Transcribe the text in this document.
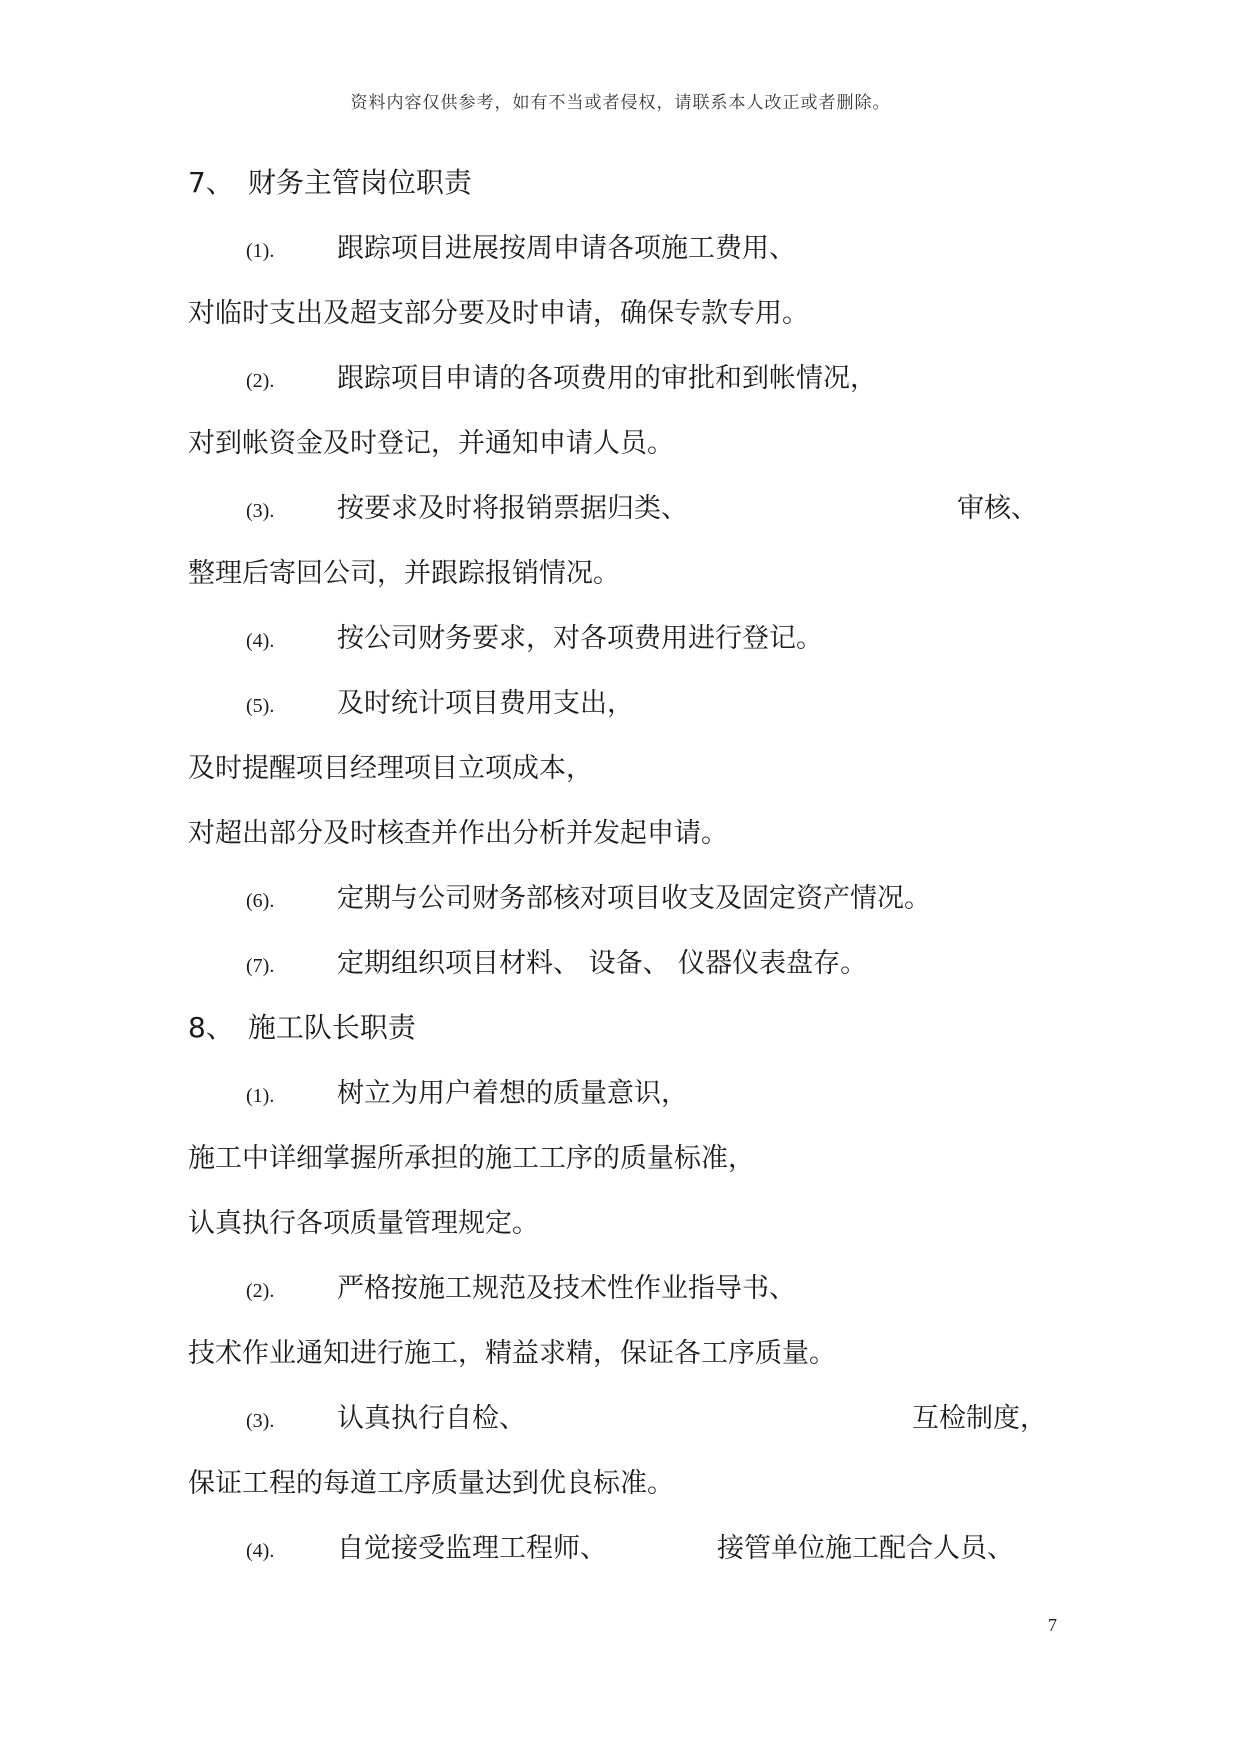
资料内容仅供参考，如有不当或者侵权，请联系本人改正或者删除。
7、　财务主管岗位职责
(1). 跟踪项目进展按周申请各项施工费用、
对临时支出及超支部分要及时申请，确保专款专用。
(2). 跟踪项目申请的各项费用的审批和到帐情况，
对到帐资金及时登记，并通知申请人员。
(3). 按要求及时将报销票据归类、	审核、
整理后寄回公司，并跟踪报销情况。
(4). 按公司财务要求，对各项费用进行登记。
(5). 及时统计项目费用支出，
及时提醒项目经理项目立项成本，
对超出部分及时核查并作出分析并发起申请。
(6). 定期与公司财务部核对项目收支及固定资产情况。
(7). 定期组织项目材料、 设备、 仪器仪表盘存。
8、　施工队长职责
(1). 树立为用户着想的质量意识，
施工中详细掌握所承担的施工工序的质量标准，
认真执行各项质量管理规定。
(2). 严格按施工规范及技术性作业指导书、
技术作业通知进行施工，精益求精，保证各工序质量。
(3). 认真执行自检、	互检制度，
保证工程的每道工序质量达到优良标准。
(4). 自觉接受监理工程师、	接管单位施工配合人员、
7
